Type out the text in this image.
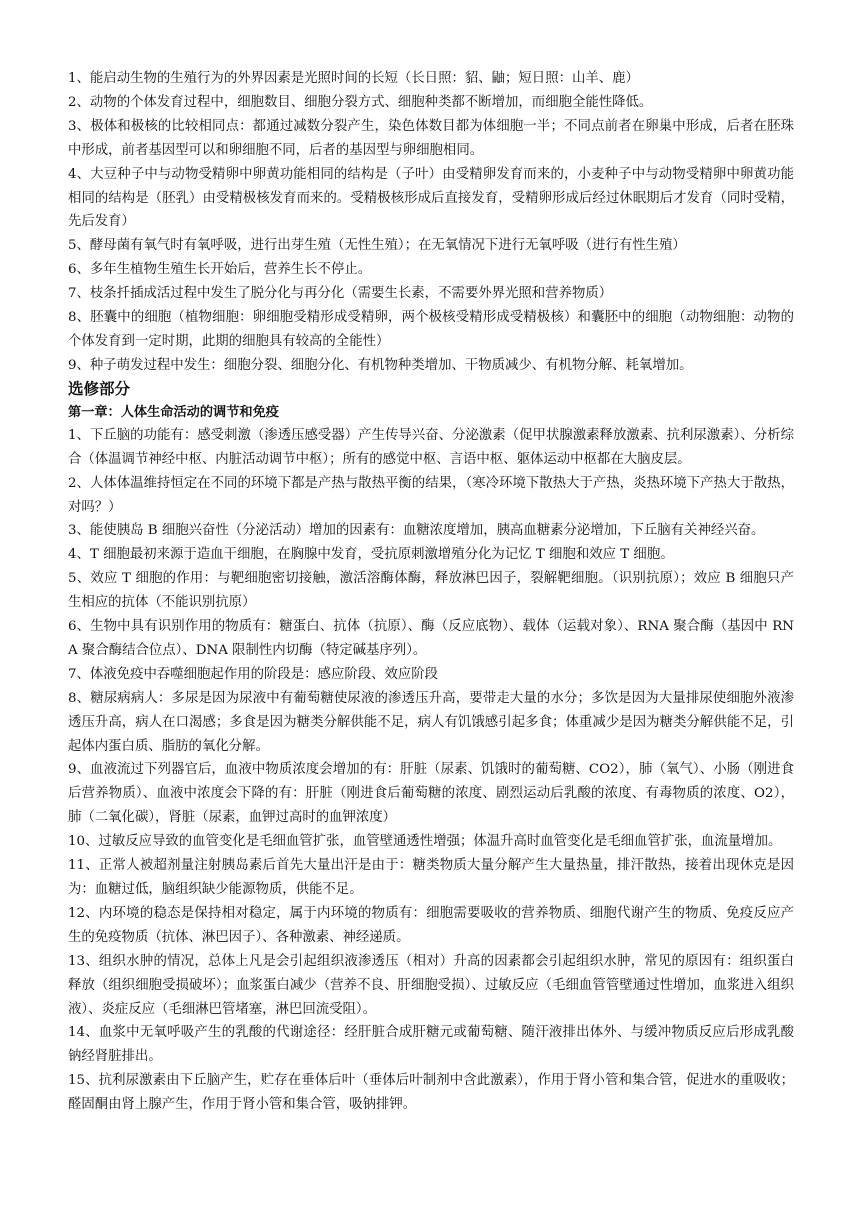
1、能启动生物的生殖行为的外界因素是光照时间的长短（长日照：貂、鼬；短日照：山羊、鹿）

2、动物的个体发育过程中，细胞数目、细胞分裂方式、细胞种类都不断增加，而细胞全能性降低。

3、极体和极核的比较相同点：都通过减数分裂产生，染色体数目都为体细胞一半；不同点前者在卵巢中形成，后者在胚珠中形成，前者基因型可以和卵细胞不同，后者的基因型与卵细胞相同。

4、大豆种子中与动物受精卵中卵黄功能相同的结构是（子叶）由受精卵发育而来的，小麦种子中与动物受精卵中卵黄功能相同的结构是（胚乳）由受精极核发育而来的。受精极核形成后直接发育，受精卵形成后经过休眠期后才发育（同时受精，先后发育）

5、酵母菌有氧气时有氧呼吸，进行出芽生殖（无性生殖）；在无氧情况下进行无氧呼吸（进行有性生殖）

6、多年生植物生殖生长开始后，营养生长不停止。

7、枝条扦插成活过程中发生了脱分化与再分化（需要生长素，不需要外界光照和营养物质）

8、胚囊中的细胞（植物细胞：卵细胞受精形成受精卵，两个极核受精形成受精极核）和囊胚中的细胞（动物细胞：动物的个体发育到一定时期，此期的细胞具有较高的全能性）

9、种子萌发过程中发生：细胞分裂、细胞分化、有机物种类增加、干物质减少、有机物分解、耗氧增加。

选修部分
第一章：人体生命活动的调节和免疫

1、下丘脑的功能有：感受刺激（渗透压感受器）产生传导兴奋、分泌激素（促甲状腺激素释放激素、抗利尿激素）、分析综合（体温调节神经中枢、内脏活动调节中枢）；所有的感觉中枢、言语中枢、躯体运动中枢都在大脑皮层。

2、人体体温维持恒定在不同的环境下都是产热与散热平衡的结果，（寒冷环境下散热大于产热，炎热环境下产热大于散热，对吗？）

3、能使胰岛 B 细胞兴奋性（分泌活动）增加的因素有：血糖浓度增加，胰高血糖素分泌增加，下丘脑有关神经兴奋。

4、T 细胞最初来源于造血干细胞，在胸腺中发育，受抗原刺激增殖分化为记忆 T 细胞和效应 T 细胞。

5、效应 T 细胞的作用：与靶细胞密切接触，激活溶酶体酶，释放淋巴因子，裂解靶细胞。（识别抗原）；效应 B 细胞只产生相应的抗体（不能识别抗原）

6、生物中具有识别作用的物质有：糖蛋白、抗体（抗原）、酶（反应底物）、载体（运载对象）、RNA 聚合酶（基因中 RNA 聚合酶结合位点）、DNA 限制性内切酶（特定碱基序列）。

7、体液免疫中吞噬细胞起作用的阶段是：感应阶段、效应阶段

8、糖尿病病人：多尿是因为尿液中有葡萄糖使尿液的渗透压升高，要带走大量的水分；多饮是因为大量排尿使细胞外液渗透压升高，病人在口渴感；多食是因为糖类分解供能不足，病人有饥饿感引起多食；体重减少是因为糖类分解供能不足，引起体内蛋白质、脂肪的氧化分解。

9、血液流过下列器官后，血液中物质浓度会增加的有：肝脏（尿素、饥饿时的葡萄糖、CO2），肺（氧气）、小肠（刚进食后营养物质）、血液中浓度会下降的有：肝脏（刚进食后葡萄糖的浓度、剧烈运动后乳酸的浓度、有毒物质的浓度、O2），肺（二氧化碳），肾脏（尿素，血钾过高时的血钾浓度）

10、过敏反应导致的血管变化是毛细血管扩张，血管壁通透性增强；体温升高时血管变化是毛细血管扩张，血流量增加。

11、正常人被超剂量注射胰岛素后首先大量出汗是由于：糖类物质大量分解产生大量热量，排汗散热，接着出现休克是因为：血糖过低，脑组织缺少能源物质，供能不足。

12、内环境的稳态是保持相对稳定，属于内环境的物质有：细胞需要吸收的营养物质、细胞代谢产生的物质、免疫反应产生的免疫物质（抗体、淋巴因子）、各种激素、神经递质。

13、组织水肿的情况，总体上凡是会引起组织液渗透压（相对）升高的因素都会引起组织水肿，常见的原因有：组织蛋白释放（组织细胞受损破坏）；血浆蛋白减少（营养不良、肝细胞受损）、过敏反应（毛细血管管壁通过性增加，血浆进入组织液）、炎症反应（毛细淋巴管堵塞，淋巴回流受阻）。

14、血浆中无氧呼吸产生的乳酸的代谢途径：经肝脏合成肝糖元或葡萄糖、随汗液排出体外、与缓冲物质反应后形成乳酸钠经肾脏排出。

15、抗利尿激素由下丘脑产生，贮存在垂体后叶（垂体后叶制剂中含此激素），作用于肾小管和集合管，促进水的重吸收；醛固酮由肾上腺产生，作用于肾小管和集合管，吸钠排钾。
